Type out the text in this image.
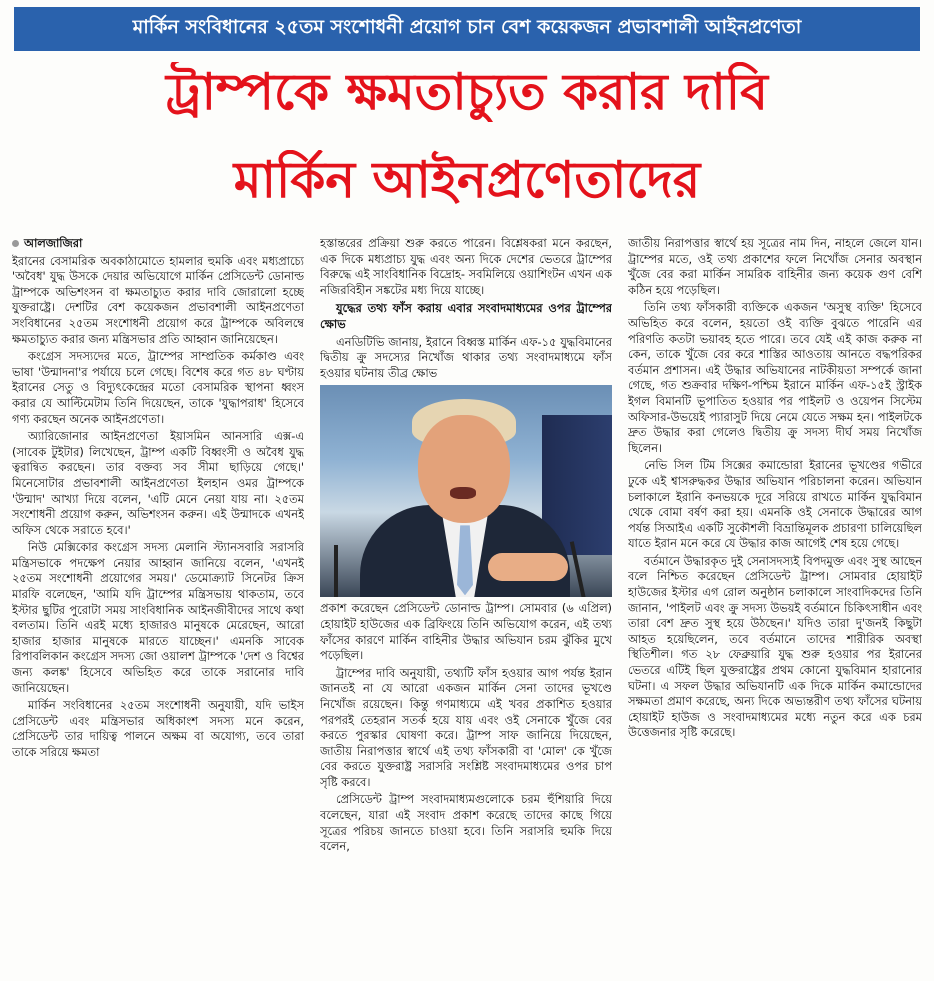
মার্কিন সংবিধানের ২৫তম সংশোধনী প্রয়োগ চান বেশ কয়েকজন প্রভাবশালী আইনপ্রণেতা
ট্রাম্পকে ক্ষমতাচ্যুত করার দাবি
মার্কিন আইনপ্রণেতাদের
আলজাজিরা

ইরানের বেসামরিক অবকাঠামোতে হামলার হুমকি এবং মধ্যপ্রাচ্যে 'অবৈধ' যুদ্ধ উসকে দেয়ার অভিযোগে মার্কিন প্রেসিডেন্ট ডোনাল্ড ট্রাম্পকে অভিশংসন বা ক্ষমতাচ্যুত করার দাবি জোরালো হচ্ছে যুক্তরাষ্ট্রে। দেশটির বেশ কয়েকজন প্রভাবশালী আইনপ্রণেতা সংবিধানের ২৫তম সংশোধনী প্রয়োগ করে ট্রাম্পকে অবিলম্বে ক্ষমতাচ্যুত করার জন্য মন্ত্রিসভার প্রতি আহ্বান জানিয়েছেন।

কংগ্রেস সদস্যদের মতে, ট্রাম্পের সাম্প্রতিক কর্মকাণ্ড এবং ভাষা 'উন্মাদনা'র পর্যায়ে চলে গেছে। বিশেষ করে গত ৪৮ ঘণ্টায় ইরানের সেতু ও বিদ্যুৎকেন্দ্রের মতো বেসামরিক স্থাপনা ধ্বংস করার যে আল্টিমেটাম তিনি দিয়েছেন, তাকে 'যুদ্ধাপরাধ' হিসেবে গণ্য করছেন অনেক আইনপ্রণেতা।

অ্যারিজোনার আইনপ্রণেতা ইয়াসমিন আনসারি এক্স-এ (সাবেক টুইটার) লিখেছেন, ট্রাম্প একটি বিধ্বংসী ও অবৈধ যুদ্ধ ত্বরান্বিত করছেন। তার বক্তব্য সব সীমা ছাড়িয়ে গেছে।' মিনেসোটার প্রভাবশালী আইনপ্রণেতা ইলহান ওমর ট্রাম্পকে 'উন্মাদ' আখ্যা দিয়ে বলেন, 'এটি মেনে নেয়া যায় না। ২৫তম সংশোধনী প্রয়োগ করুন, অভিশংসন করুন। এই উন্মাদকে এখনই অফিস থেকে সরাতে হবে।'

নিউ মেক্সিকোর কংগ্রেস সদস্য মেলানি স্ট্যানসবারি সরাসরি মন্ত্রিসভাকে পদক্ষেপ নেয়ার আহ্বান জানিয়ে বলেন, 'এখনই ২৫তম সংশোধনী প্রয়োগের সময়।' ডেমোক্র্যাট সিনেটর ক্রিস মারফি বলেছেন, 'আমি যদি ট্রাম্পের মন্ত্রিসভায় থাকতাম, তবে ইস্টার ছুটির পুরোটা সময় সাংবিধানিক আইনজীবীদের সাথে কথা বলতাম। তিনি এরই মধ্যে হাজারও মানুষকে মেরেছেন, আরো হাজার হাজার মানুষকে মারতে যাচ্ছেন।' এমনকি সাবেক রিপাবলিকান কংগ্রেস সদস্য জো ওয়ালশ ট্রাম্পকে 'দেশ ও বিশ্বের জন্য কলঙ্ক' হিসেবে অভিহিত করে তাকে সরানোর দাবি জানিয়েছেন।

মার্কিন সংবিধানের ২৫তম সংশোধনী অনুযায়ী, যদি ভাইস প্রেসিডেন্ট এবং মন্ত্রিসভার অধিকাংশ সদস্য মনে করেন, প্রেসিডেন্ট তার দায়িত্ব পালনে অক্ষম বা অযোগ্য, তবে তারা তাকে সরিয়ে ক্ষমতা

হস্তান্তরের প্রক্রিয়া শুরু করতে পারেন। বিশ্লেষকরা মনে করছেন, এক দিকে মধ্যপ্রাচ্য যুদ্ধ এবং অন্য দিকে দেশের ভেতরে ট্রাম্পের বিরুদ্ধে এই সাংবিধানিক বিদ্রোহ- সবমিলিয়ে ওয়াশিংটন এখন এক নজিরবিহীন সঙ্কটের মধ্য দিয়ে যাচ্ছে।

যুদ্ধের তথ্য ফাঁস করায় এবার সংবাদমাধ্যমের ওপর ট্রাম্পের ক্ষোভ

এনডিটিভি জানায়, ইরানে বিধ্বস্ত মার্কিন এফ-১৫ যুদ্ধবিমানের দ্বিতীয় ক্রু সদস্যের নিখোঁজ থাকার তথ্য সংবাদমাধ্যমে ফাঁস হওয়ার ঘটনায় তীব্র ক্ষোভ

প্রকাশ করেছেন প্রেসিডেন্ট ডোনাল্ড ট্রাম্প। সোমবার (৬ এপ্রিল) হোয়াইট হাউজের এক ব্রিফিংয়ে তিনি অভিযোগ করেন, এই তথ্য ফাঁসের কারণে মার্কিন বাহিনীর উদ্ধার অভিযান চরম ঝুঁকির মুখে পড়েছিল।

ট্রাম্পের দাবি অনুযায়ী, তথ্যটি ফাঁস হওয়ার আগ পর্যন্ত ইরান জানতই না যে আরো একজন মার্কিন সেনা তাদের ভূখণ্ডে নিখোঁজ রয়েছেন। কিন্তু গণমাধ্যমে এই খবর প্রকাশিত হওয়ার পরপরই তেহরান সতর্ক হয়ে যায় এবং ওই সেনাকে খুঁজে বের করতে পুরস্কার ঘোষণা করে। ট্রাম্প সাফ জানিয়ে দিয়েছেন, জাতীয় নিরাপত্তার স্বার্থে এই তথ্য ফাঁসকারী বা 'মোল' কে খুঁজে বের করতে যুক্তরাষ্ট্র সরাসরি সংশ্লিষ্ট সংবাদমাধ্যমের ওপর চাপ সৃষ্টি করবে।

প্রেসিডেন্ট ট্রাম্প সংবাদমাধ্যমগুলোকে চরম হুঁশিয়ারি দিয়ে বলেছেন, যারা এই সংবাদ প্রকাশ করেছে তাদের কাছে গিয়ে সূত্রের পরিচয় জানতে চাওয়া হবে। তিনি সরাসরি হুমকি দিয়ে বলেন,

জাতীয় নিরাপত্তার স্বার্থে হয় সূত্রের নাম দিন, নাহলে জেলে যান। ট্রাম্পের মতে, ওই তথ্য প্রকাশের ফলে নিখোঁজ সেনার অবস্থান খুঁজে বের করা মার্কিন সামরিক বাহিনীর জন্য কয়েক গুণ বেশি কঠিন হয়ে পড়েছিল।

তিনি তথ্য ফাঁসকারী ব্যক্তিকে একজন 'অসুস্থ ব্যক্তি' হিসেবে অভিহিত করে বলেন, হয়তো ওই ব্যক্তি বুঝতে পারেনি এর পরিণতি কতটা ভয়াবহ হতে পারে। তবে যেই এই কাজ করুক না কেন, তাকে খুঁজে বের করে শাস্তির আওতায় আনতে বদ্ধপরিকর বর্তমান প্রশাসন। এই উদ্ধার অভিযানের নাটকীয়তা সম্পর্কে জানা গেছে, গত শুক্রবার দক্ষিণ-পশ্চিম ইরানে মার্কিন এফ-১৫ই স্ট্রাইক ইগল বিমানটি ভূপাতিত হওয়ার পর পাইলট ও ওয়েপন সিস্টেম অফিসার-উভয়েই প্যারাসুট দিয়ে নেমে যেতে সক্ষম হন। পাইলটকে দ্রুত উদ্ধার করা গেলেও দ্বিতীয় ক্রু সদস্য দীর্ঘ সময় নিখোঁজ ছিলেন।

নেভি সিল টিম সিক্সের কমান্ডোরা ইরানের ভূখণ্ডের গভীরে ঢুকে এই শ্বাসরুদ্ধকর উদ্ধার অভিযান পরিচালনা করেন। অভিযান চলাকালে ইরানি কনভয়কে দূরে সরিয়ে রাখতে মার্কিন যুদ্ধবিমান থেকে বোমা বর্ষণ করা হয়। এমনকি ওই সেনাকে উদ্ধারের আগ পর্যন্ত সিআইএ একটি সুকৌশলী বিভ্রান্তিমূলক প্রচারণা চালিয়েছিল যাতে ইরান মনে করে যে উদ্ধার কাজ আগেই শেষ হয়ে গেছে।

বর্তমানে উদ্ধারকৃত দুই সেনাসদস্যই বিপদমুক্ত এবং সুস্থ আছেন বলে নিশ্চিত করেছেন প্রেসিডেন্ট ট্রাম্প। সোমবার হোয়াইট হাউজের ইস্টার এগ রোল অনুষ্ঠান চলাকালে সাংবাদিকদের তিনি জানান, 'পাইলট এবং ক্রু সদস্য উভয়ই বর্তমানে চিকিৎসাধীন এবং তারা বেশ দ্রুত সুস্থ হয়ে উঠছেন।' যদিও তারা দু'জনই কিছুটা আহত হয়েছিলেন, তবে বর্তমানে তাদের শারীরিক অবস্থা স্থিতিশীল। গত ২৮ ফেব্রুয়ারি যুদ্ধ শুরু হওয়ার পর ইরানের ভেতরে এটিই ছিল যুক্তরাষ্ট্রের প্রথম কোনো যুদ্ধবিমান হারানোর ঘটনা। এ সফল উদ্ধার অভিযানটি এক দিকে মার্কিন কমান্ডোদের সক্ষমতা প্রমাণ করেছে, অন্য দিকে অভ্যন্তরীণ তথ্য ফাঁসের ঘটনায় হোয়াইট হাউজ ও সংবাদমাধ্যমের মধ্যে নতুন করে এক চরম উত্তেজনার সৃষ্টি করেছে।
